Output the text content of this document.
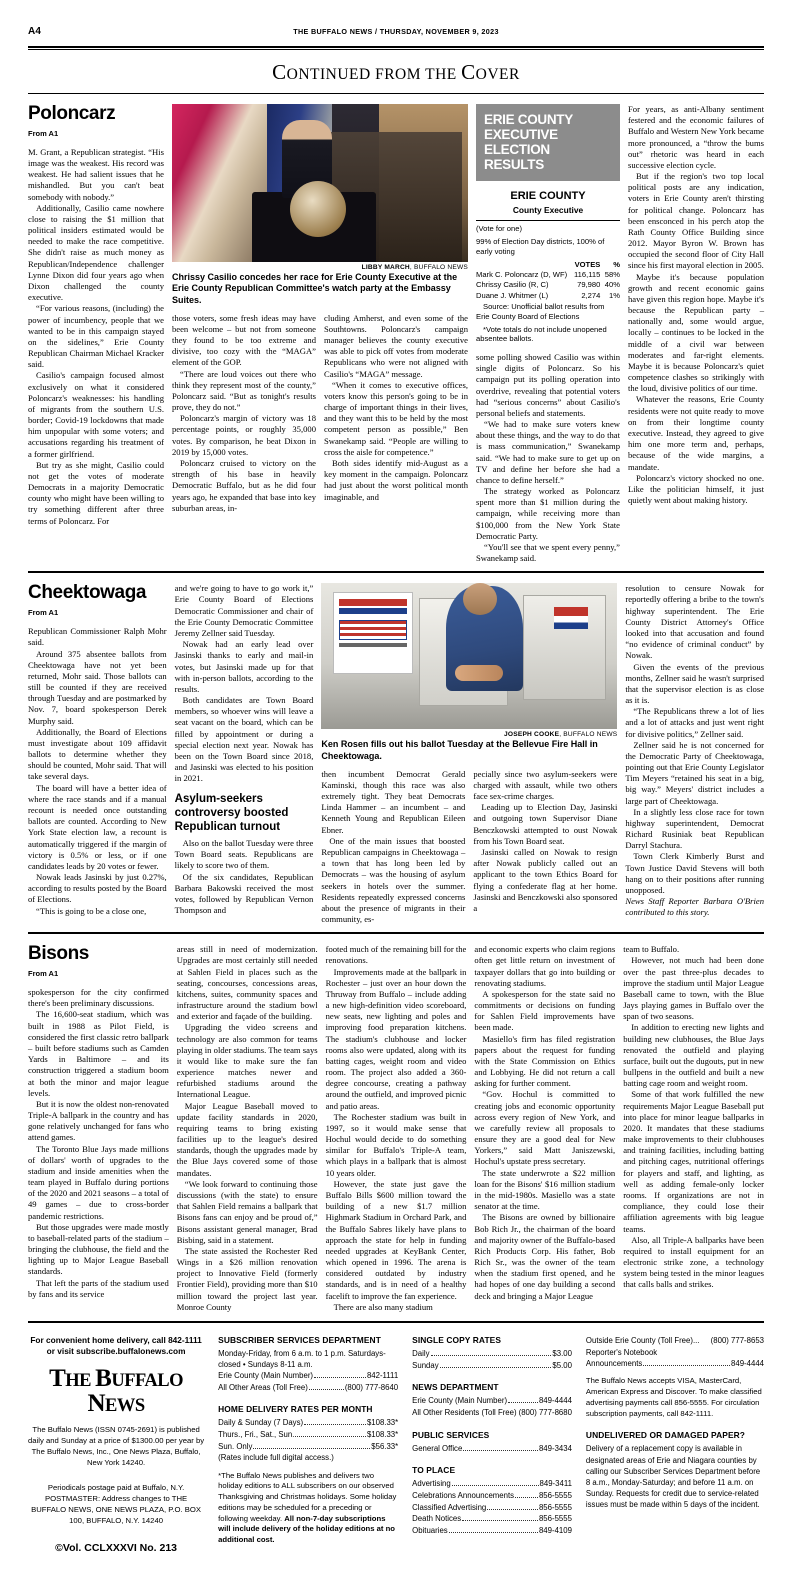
A4	THE BUFFALO NEWS / THURSDAY, NOVEMBER 9, 2023
CONTINUED FROM THE COVER
Poloncarz
From A1

M. Grant, a Republican strategist. “His image was the weakest. His record was weakest. He had salient issues that he mishandled. But you can't beat somebody with nobody.”

Additionally, Casilio came nowhere close to raising the $1 million that political insiders estimated would be needed to make the race competitive. She didn't raise as much money as Republican/Independence challenger Lynne Dixon did four years ago when Dixon challenged the county executive.

“For various reasons, (including) the power of incumbency, people that we wanted to be in this campaign stayed on the sidelines,” Erie County Republican Chairman Michael Kracker said.

Casilio's campaign focused almost exclusively on what it considered Poloncarz's weaknesses: his handling of migrants from the southern U.S. border; Covid-19 lockdowns that made him unpopular with some voters; and accusations regarding his treatment of a former girlfriend.

But try as she might, Casilio could not get the votes of moderate Democrats in a majority Democratic county who might have been willing to try something different after three terms of Poloncarz. For

LIBBY MARCH, BUFFALO NEWS
Chrissy Casilio concedes her race for Erie County Executive at the Erie County Republican Committee's watch party at the Embassy Suites.

those voters, some fresh ideas may have been welcome – but not from someone they found to be too extreme and divisive, too cozy with the “MAGA” element of the GOP.

“There are loud voices out there who think they represent most of the county,” Poloncarz said. “But as tonight's results prove, they do not.”

Poloncarz's margin of victory was 18 percentage points, or roughly 35,000 votes. By comparison, he beat Dixon in 2019 by 15,000 votes.

Poloncarz cruised to victory on the strength of his base in heavily Democratic Buffalo, but as he did four years ago, he expanded that base into key suburban areas, in-

cluding Amherst, and even some of the Southtowns. Poloncarz's campaign manager believes the county executive was able to pick off votes from moderate Republicans who were not aligned with Casilio's “MAGA” message.

“When it comes to executive offices, voters know this person's going to be in charge of important things in their lives, and they want this to be held by the most competent person as possible,” Ben Swanekamp said. “People are willing to cross the aisle for competence.”

Both sides identify mid-August as a key moment in the campaign. Poloncarz had just about the worst political month imaginable, and

ERIE COUNTY EXECUTIVE ELECTION RESULTS
ERIE COUNTY
County Executive
(Vote for one)
99% of Election Day districts, 100% of early voting
	VOTES	%
Mark C. Poloncarz (D, WF)	116,115	58%
Chrissy Casilio (R, C)	79,980	40%
Duane J. Whitmer (L)	2,274	1%
Source: Unofficial ballot results from Erie County Board of Elections
*Vote totals do not include unopened absentee ballots.

some polling showed Casilio was within single digits of Poloncarz. So his campaign put its polling operation into overdrive, revealing that potential voters had “serious concerns” about Casilio's personal beliefs and statements.

“We had to make sure voters knew about these things, and the way to do that is mass communication,” Swanekamp said. “We had to make sure to get up on TV and define her before she had a chance to define herself.”

The strategy worked as Poloncarz spent more than $1 million during the campaign, while receiving more than $100,000 from the New York State Democratic Party.

“You'll see that we spent every penny,” Swanekamp said.

For years, as anti-Albany sentiment festered and the economic failures of Buffalo and Western New York became more pronounced, a “throw the bums out” rhetoric was heard in each successive election cycle.

But if the region's two top local political posts are any indication, voters in Erie County aren't thirsting for political change. Poloncarz has been ensconced in his perch atop the Rath County Office Building since 2012. Mayor Byron W. Brown has occupied the second floor of City Hall since his first mayoral election in 2005.

Maybe it's because population growth and recent economic gains have given this region hope. Maybe it's because the Republican party – nationally and, some would argue, locally – continues to be locked in the middle of a civil war between moderates and far-right elements. Maybe it is because Poloncarz's quiet competence clashes so strikingly with the loud, divisive politics of our time.

Whatever the reasons, Erie County residents were not quite ready to move on from their longtime county executive. Instead, they agreed to give him one more term and, perhaps, because of the wide margins, a mandate.

Poloncarz's victory shocked no one. Like the politician himself, it just quietly went about making history.

Cheektowaga
From A1

Republican Commissioner Ralph Mohr said.

Around 375 absentee ballots from Cheektowaga have not yet been returned, Mohr said. Those ballots can still be counted if they are received through Tuesday and are postmarked by Nov. 7, board spokesperson Derek Murphy said.

Additionally, the Board of Elections must investigate about 109 affidavit ballots to determine whether they should be counted, Mohr said. That will take several days.

The board will have a better idea of where the race stands and if a manual recount is needed once outstanding ballots are counted. According to New York State election law, a recount is automatically triggered if the margin of victory is 0.5% or less, or if one candidates leads by 20 votes or fewer.

Nowak leads Jasinski by just 0.27%, according to results posted by the Board of Elections.

“This is going to be a close one,

and we're going to have to go work it,” Erie County Board of Elections Democratic Commissioner and chair of the Erie County Democratic Committee Jeremy Zellner said Tuesday.

Nowak had an early lead over Jasinski thanks to early and mail-in votes, but Jasinski made up for that with in-person ballots, according to the results.

Both candidates are Town Board members, so whoever wins will leave a seat vacant on the board, which can be filled by appointment or during a special election next year. Nowak has been on the Town Board since 2018, and Jasinski was elected to his position in 2021.

Asylum-seekers controversy boosted Republican turnout

Also on the ballot Tuesday were three Town Board seats. Republicans are likely to score two of them.

Of the six candidates, Republican Barbara Bakowski received the most votes, followed by Republican Vernon Thompson and

JOSEPH COOKE, BUFFALO NEWS
Ken Rosen fills out his ballot Tuesday at the Bellevue Fire Hall in Cheektowaga.

then incumbent Democrat Gerald Kaminski, though this race was also extremely tight. They beat Democrats Linda Hammer – an incumbent – and Kenneth Young and Republican Eileen Ebner.

One of the main issues that boosted Republican campaigns in Cheektowaga – a town that has long been led by Democrats – was the housing of asylum seekers in hotels over the summer. Residents repeatedly expressed concerns about the presence of migrants in their community, es-

pecially since two asylum-seekers were charged with assault, while two others face sex-crime charges.

Leading up to Election Day, Jasinski and outgoing town Supervisor Diane Benczkowski attempted to oust Nowak from his Town Board seat.

Jasinski called on Nowak to resign after Nowak publicly called out an applicant to the town Ethics Board for flying a confederate flag at her home. Jasinski and Benczkowski also sponsored a

resolution to censure Nowak for reportedly offering a bribe to the town's highway superintendent. The Erie County District Attorney's Office looked into that accusation and found “no evidence of criminal conduct” by Nowak.

Given the events of the previous months, Zellner said he wasn't surprised that the supervisor election is as close as it is.

“The Republicans threw a lot of lies and a lot of attacks and just went right for divisive politics,” Zellner said.

Zellner said he is not concerned for the Democratic Party of Cheektowaga, pointing out that Erie County Legislator Tim Meyers “retained his seat in a big, big way.” Meyers' district includes a large part of Cheektowaga.

In a slightly less close race for town highway superintendent, Democrat Richard Rusiniak beat Republican Darryl Stachura.

Town Clerk Kimberly Burst and Town Justice David Stevens will both hang on to their positions after running unopposed.

News Staff Reporter Barbara O'Brien contributed to this story.

Bisons
From A1

spokesperson for the city confirmed there's been preliminary discussions.

The 16,600-seat stadium, which was built in 1988 as Pilot Field, is considered the first classic retro ballpark – built before stadiums such as Camden Yards in Baltimore – and its construction triggered a stadium boom at both the minor and major league levels.

But it is now the oldest non-renovated Triple-A ballpark in the country and has gone relatively unchanged for fans who attend games.

The Toronto Blue Jays made millions of dollars' worth of upgrades to the stadium and inside amenities when the team played in Buffalo during portions of the 2020 and 2021 seasons – a total of 49 games – due to cross-border pandemic restrictions.

But those upgrades were made mostly to baseball-related parts of the stadium – bringing the clubhouse, the field and the lighting up to Major League Baseball standards.

That left the parts of the stadium used by fans and its service

areas still in need of modernization. Upgrades are most certainly still needed at Sahlen Field in places such as the seating, concourses, concessions areas, kitchens, suites, community spaces and infrastructure around the stadium bowl and exterior and façade of the building.

Upgrading the video screens and technology are also common for teams playing in older stadiums. The team says it would like to make sure the fan experience matches newer and refurbished stadiums around the International League.

Major League Baseball moved to update facility standards in 2020, requiring teams to bring existing facilities up to the league's desired standards, though the upgrades made by the Blue Jays covered some of those mandates.

“We look forward to continuing those discussions (with the state) to ensure that Sahlen Field remains a ballpark that Bisons fans can enjoy and be proud of,” Bisons assistant general manager, Brad Bisbing, said in a statement.

The state assisted the Rochester Red Wings in a $26 million renovation project to Innovative Field (formerly Frontier Field), providing more than $10 million toward the project last year. Monroe County

footed much of the remaining bill for the renovations.

Improvements made at the ballpark in Rochester – just over an hour down the Thruway from Buffalo – include adding a new high-definition video scoreboard, new seats, new lighting and poles and improving food preparation kitchens. The stadium's clubhouse and locker rooms also were updated, along with its batting cages, weight room and video room. The project also added a 360-degree concourse, creating a pathway around the outfield, and improved picnic and patio areas.

The Rochester stadium was built in 1997, so it would make sense that Hochul would decide to do something similar for Buffalo's Triple-A team, which plays in a ballpark that is almost 10 years older.

However, the state just gave the Buffalo Bills $600 million toward the building of a new $1.7 million Highmark Stadium in Orchard Park, and the Buffalo Sabres likely have plans to approach the state for help in funding needed upgrades at KeyBank Center, which opened in 1996. The arena is considered outdated by industry standards, and is in need of a healthy facelift to improve the fan experience.

There are also many stadium

and economic experts who claim regions often get little return on investment of taxpayer dollars that go into building or renovating stadiums.

A spokesperson for the state said no commitments or decisions on funding for Sahlen Field improvements have been made.

Masiello's firm has filed registration papers about the request for funding with the State Commission on Ethics and Lobbying. He did not return a call asking for further comment.

“Gov. Hochul is committed to creating jobs and economic opportunity across every region of New York, and we carefully review all proposals to ensure they are a good deal for New Yorkers,” said Matt Janiszewski, Hochul's upstate press secretary.

The state underwrote a $22 million loan for the Bisons' $16 million stadium in the mid-1980s. Masiello was a state senator at the time.

The Bisons are owned by billionaire Bob Rich Jr., the chairman of the board and majority owner of the Buffalo-based Rich Products Corp. His father, Bob Rich Sr., was the owner of the team when the stadium first opened, and he had hopes of one day building a second deck and bringing a Major League

team to Buffalo.

However, not much had been done over the past three-plus decades to improve the stadium until Major League Baseball came to town, with the Blue Jays playing games in Buffalo over the span of two seasons.

In addition to erecting new lights and building new clubhouses, the Blue Jays renovated the outfield and playing surface, built out the dugouts, put in new bullpens in the outfield and built a new batting cage room and weight room.

Some of that work fulfilled the new requirements Major League Baseball put into place for minor league ballparks in 2020. It mandates that these stadiums make improvements to their clubhouses and training facilities, including batting and pitching cages, nutritional offerings for players and staff, and lighting, as well as adding female-only locker rooms. If organizations are not in compliance, they could lose their affiliation agreements with big league teams.

Also, all Triple-A ballparks have been required to install equipment for an electronic strike zone, a technology system being tested in the minor leagues that calls balls and strikes.

For convenient home delivery, call 842-1111 or visit subscribe.buffalonews.com
THE BUFFALO NEWS
The Buffalo News (ISSN 0745-2691) is published daily and Sunday at a price of $1300.00 per year by The Buffalo News, Inc., One News Plaza, Buffalo, New York 14240.
Periodicals postage paid at Buffalo, N.Y. POSTMASTER: Address changes to THE BUFFALO NEWS, ONE NEWS PLAZA, P.O. BOX 100, BUFFALO, N.Y. 14240
©Vol. CCLXXXVI No. 213
SUBSCRIBER SERVICES DEPARTMENT
Monday-Friday, from 6 a.m. to 1 p.m. Saturdays-closed • Sundays 8-11 a.m.
Erie County (Main Number)	842-1111
All Other Areas (Toll Free)	(800) 777-8640
HOME DELIVERY RATES PER MONTH
Daily & Sunday (7 Days)	$108.33*
Thurs., Fri., Sat., Sun.	$108.33*
Sun. Only	$56.33*
(Rates include full digital access.)
*The Buffalo News publishes and delivers two holiday editions to ALL subscribers on our observed Thanksgiving and Christmas holidays. Some holiday editions may be scheduled for a preceding or following weekday. All non-7-day subscriptions will include delivery of the holiday editions at no additional cost.
SINGLE COPY RATES
Daily	$3.00
Sunday	$5.00
NEWS DEPARTMENT
Erie County (Main Number)	849-4444
All Other Residents (Toll Free) (800) 777-8680
PUBLIC SERVICES
General Office	849-3434
TO PLACE
Advertising	849-3411
Celebrations Announcements	856-5555
Classified Advertising	856-5555
Death Notices	856-5555
Obituaries	849-4109
Outside Erie County (Toll Free)... (800) 777-8653
Reporter's Notebook
Announcements	849-4444
The Buffalo News accepts VISA, MasterCard, American Express and Discover. To make classified advertising payments call 856-5555. For circulation subscription payments, call 842-1111.
UNDELIVERED OR DAMAGED PAPER?
Delivery of a replacement copy is available in designated areas of Erie and Niagara counties by calling our Subscriber Services Department before 8 a.m., Monday-Saturday; and before 11 a.m. on Sunday. Requests for credit due to service-related issues must be made within 5 days of the incident.
